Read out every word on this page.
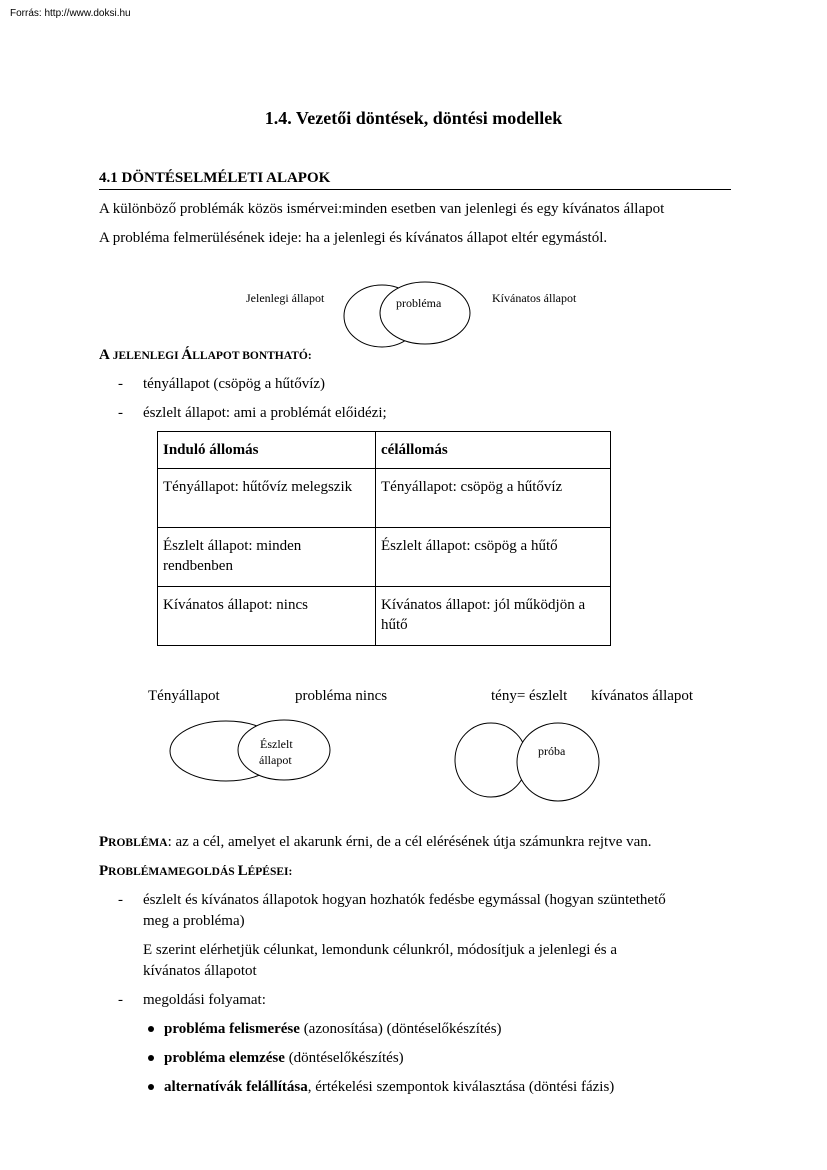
Forrás: http://www.doksi.hu
1.4. Vezetői döntések, döntési modellek
4.1 DÖNTÉSELMÉLETI ALAPOK
A különböző problémák közös ismérvei:minden esetben van jelenlegi és egy kívánatos állapot
A probléma felmerülésének ideje: ha a jelenlegi és kívánatos állapot eltér egymástól.
Jelenlegi állapot	Kívánatos állapot
probléma
A JELENLEGI ÁLLAPOT BONTHATÓ:
- tényállapot (csöpög a hűtővíz)
- észlelt állapot: ami a problémát előidézi;
Induló állomás	célállomás
Tényállapot: hűtővíz melegszik	Tényállapot: csöpög a hűtővíz
Észlelt állapot: minden rendbenben	Észlelt állapot: csöpög a hűtő
Kívánatos állapot: nincs	Kívánatos állapot: jól működjön a hűtő
Tényállapot	probléma nincs	tény= észlelt kívánatos állapot
Észlelt
állapot
próba
PROBLÉMA: az a cél, amelyet el akarunk érni, de a cél elérésének útja számunkra rejtve van.
PROBLÉMAMEGOLDÁS LÉPÉSEI:
- észlelt és kívánatos állapotok hogyan hozhatók fedésbe egymással (hogyan szüntethető
meg a probléma)
E szerint elérhetjük célunkat, lemondunk célunkról, módosítjuk a jelenlegi és a
kívánatos állapotot
- megoldási folyamat:
probléma felismerése (azonosítása) (döntéselőkészítés)
probléma elemzése (döntéselőkészítés)
alternatívák felállítása, értékelési szempontok kiválasztása (döntési fázis)
